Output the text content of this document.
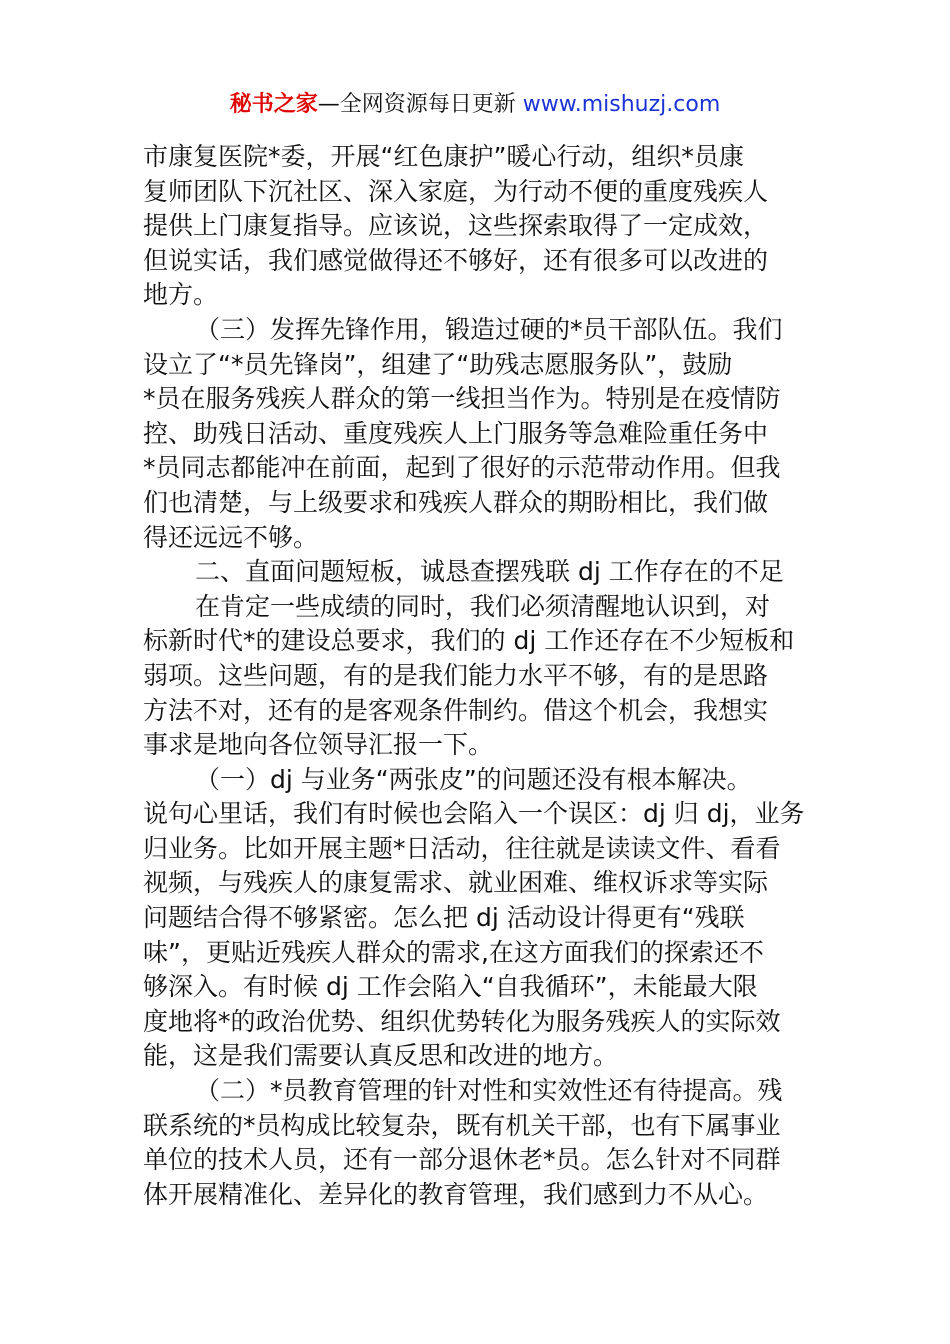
秘书之家—全网资源每日更新 www.mishuzj.com
市康复医院*委，开展“红色康护”暖心行动，组织*员康
复师团队下沉社区、深入家庭，为行动不便的重度残疾人
提供上门康复指导。应该说，这些探索取得了一定成效，
但说实话，我们感觉做得还不够好，还有很多可以改进的
地方。
（三）发挥先锋作用，锻造过硬的*员干部队伍。我们
设立了“*员先锋岗”，组建了“助残志愿服务队”，鼓励
*员在服务残疾人群众的第一线担当作为。特别是在疫情防
控、助残日活动、重度残疾人上门服务等急难险重任务中
*员同志都能冲在前面，起到了很好的示范带动作用。但我
们也清楚，与上级要求和残疾人群众的期盼相比，我们做
得还远远不够。
二、直面问题短板，诚恳查摆残联 dj 工作存在的不足
在肯定一些成绩的同时，我们必须清醒地认识到，对
标新时代*的建设总要求，我们的 dj 工作还存在不少短板和
弱项。这些问题，有的是我们能力水平不够，有的是思路
方法不对，还有的是客观条件制约。借这个机会，我想实
事求是地向各位领导汇报一下。
（一）dj 与业务“两张皮”的问题还没有根本解决。
说句心里话，我们有时候也会陷入一个误区：dj 归 dj，业务
归业务。比如开展主题*日活动，往往就是读读文件、看看
视频，与残疾人的康复需求、就业困难、维权诉求等实际
问题结合得不够紧密。怎么把 dj 活动设计得更有“残联
味”，更贴近残疾人群众的需求,在这方面我们的探索还不
够深入。有时候 dj 工作会陷入“自我循环”，未能最大限
度地将*的政治优势、组织优势转化为服务残疾人的实际效
能，这是我们需要认真反思和改进的地方。
（二）*员教育管理的针对性和实效性还有待提高。残
联系统的*员构成比较复杂，既有机关干部，也有下属事业
单位的技术人员，还有一部分退休老*员。怎么针对不同群
体开展精准化、差异化的教育管理，我们感到力不从心。
